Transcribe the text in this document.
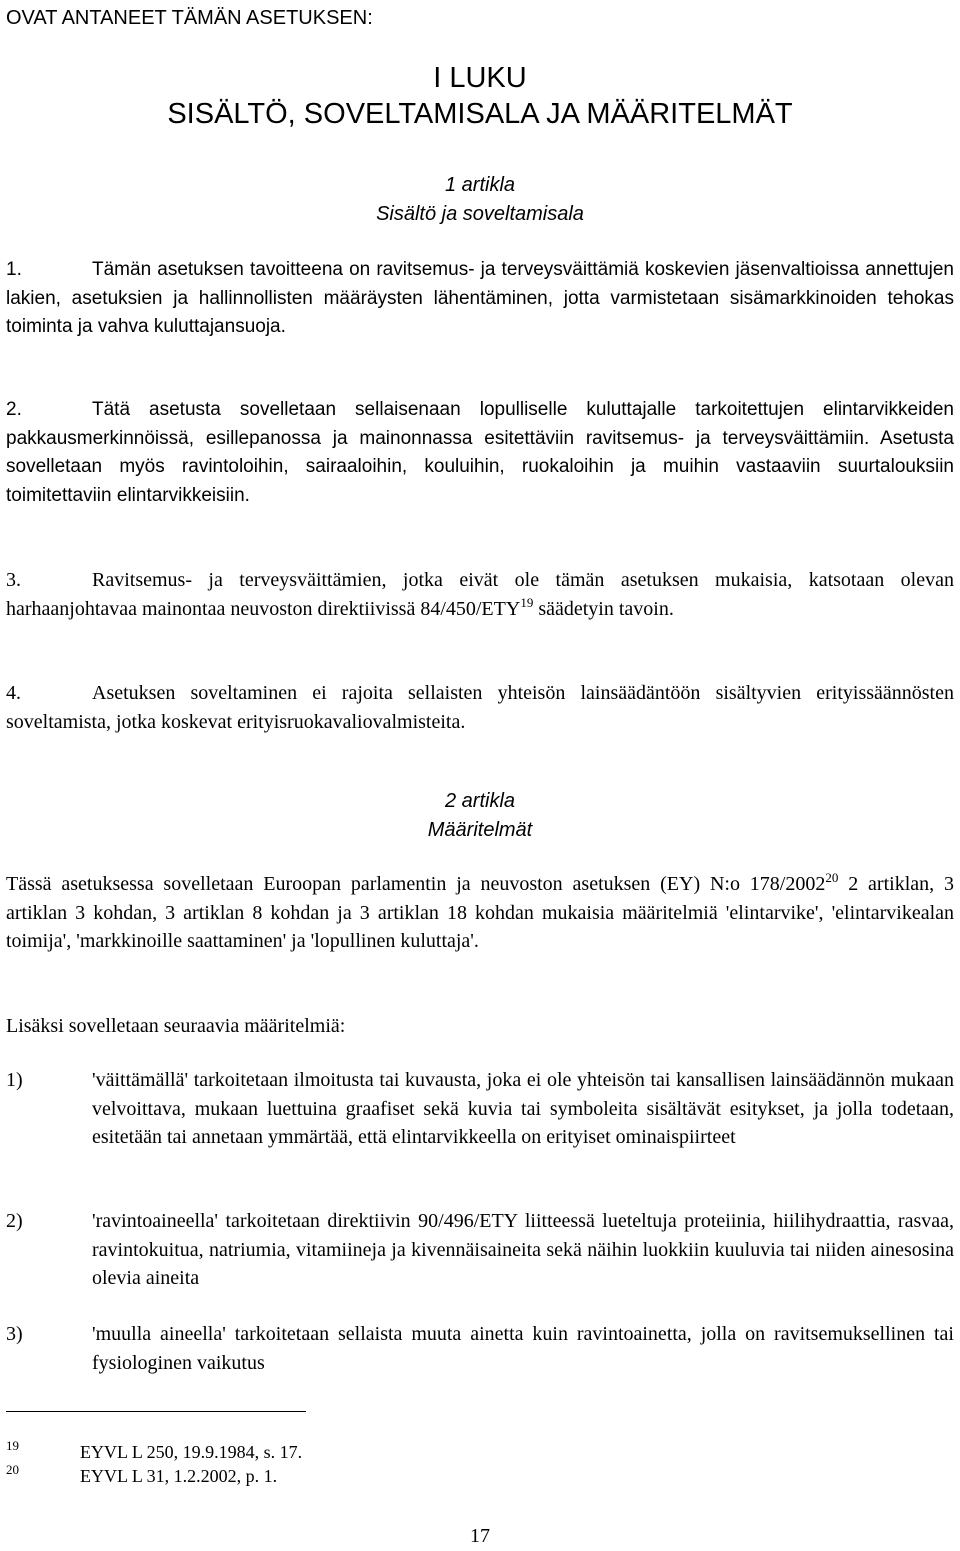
OVAT ANTANEET TÄMÄN ASETUKSEN:
I LUKU
SISÄLTÖ, SOVELTAMISALA JA MÄÄRITELMÄT
1 artikla
Sisältö ja soveltamisala
1.	Tämän asetuksen tavoitteena on ravitsemus- ja terveysväittämiä koskevien jäsenvaltioissa annettujen lakien, asetuksien ja hallinnollisten määräysten lähentäminen, jotta varmistetaan sisämarkkinoiden tehokas toiminta ja vahva kuluttajansuoja.
2.	Tätä asetusta sovelletaan sellaisenaan lopulliselle kuluttajalle tarkoitettujen elintarvikkeiden pakkausmerkinnöissä, esillepanossa ja mainonnassa esitettäviin ravitsemus- ja terveysväittämiin. Asetusta sovelletaan myös ravintoloihin, sairaaloihin, kouluihin, ruokaloihin ja muihin vastaaviin suurtalouksiin toimitettaviin elintarvikkeisiin.
3.	Ravitsemus- ja terveysväittämien, jotka eivät ole tämän asetuksen mukaisia, katsotaan olevan harhaanjohtavaa mainontaa neuvoston direktiivissä 84/450/ETY$^{19}$ säädetyin tavoin.
4.	Asetuksen soveltaminen ei rajoita sellaisten yhteisön lainsäädäntöön sisältyvien erityissäännösten soveltamista, jotka koskevat erityisruokavaliovalmisteita.
2 artikla
Määritelmät
Tässä asetuksessa sovelletaan Euroopan parlamentin ja neuvoston asetuksen (EY) N:o 178/2002$^{20}$ 2 artiklan, 3 artiklan 3 kohdan, 3 artiklan 8 kohdan ja 3 artiklan 18 kohdan mukaisia määritelmiä 'elintarvike', 'elintarvikealan toimija', 'markkinoille saattaminen' ja 'lopullinen kuluttaja'.
Lisäksi sovelletaan seuraavia määritelmiä:
1)	'väittämällä' tarkoitetaan ilmoitusta tai kuvausta, joka ei ole yhteisön tai kansallisen lainsäädännön mukaan velvoittava, mukaan luettuina graafiset sekä kuvia tai symboleita sisältävät esitykset, ja jolla todetaan, esitetään tai annetaan ymmärtää, että elintarvikkeella on erityiset ominaispiirteet
2)	'ravintoaineella' tarkoitetaan direktiivin 90/496/ETY liitteessä lueteltuja proteiinia, hiilihydraattia, rasvaa, ravintokuitua, natriumia, vitamiineja ja kivennäisaineita sekä näihin luokkiin kuuluvia tai niiden ainesosina olevia aineita
3)	'muulla aineella' tarkoitetaan sellaista muuta ainetta kuin ravintoainetta, jolla on ravitsemuksellinen tai fysiologinen vaikutus
19	EYVL L 250, 19.9.1984, s. 17.
20	EYVL L 31, 1.2.2002, p. 1.
17
